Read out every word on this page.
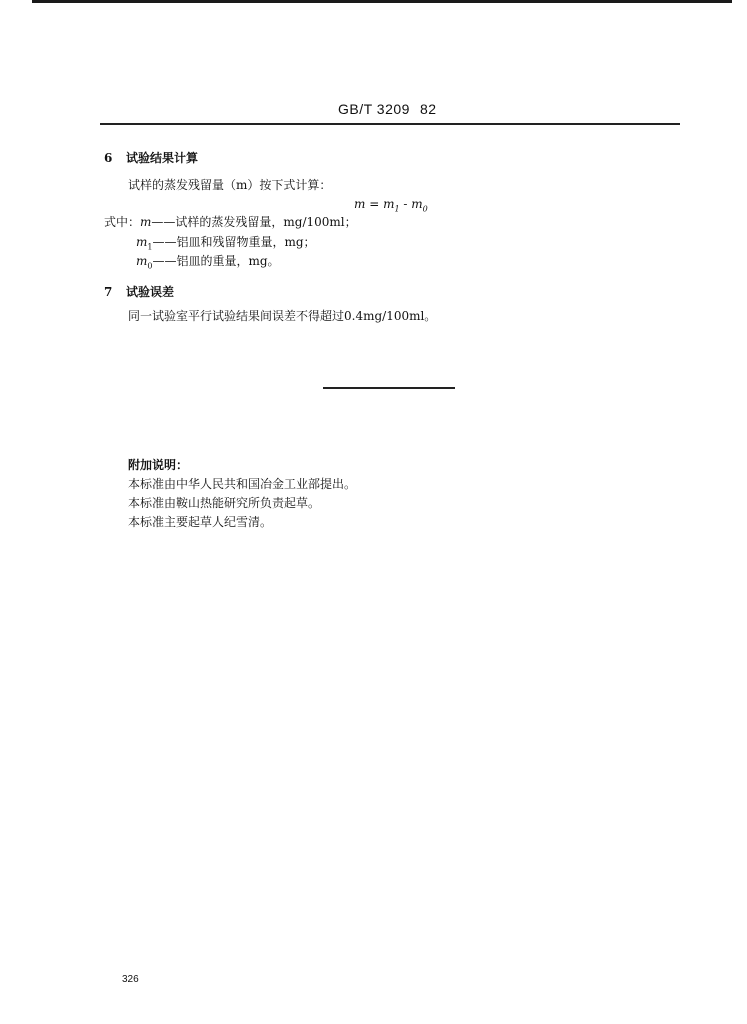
GB/T 3209 82
6 试验结果计算
试样的蒸发残留量（m）按下式计算：
$m = m_1 - m_0$
式中：m——试样的蒸发残留量，mg/100ml；
$m_1——$铝皿和残留物重量，mg；
$m_0——$铝皿的重量，mg。
7 试验误差
同一试验室平行试验结果间误差不得超过0.4mg/100ml。
附加说明：
本标准由中华人民共和国冶金工业部提出。
本标准由鞍山热能研究所负责起草。
本标准主要起草人纪雪清。
326
